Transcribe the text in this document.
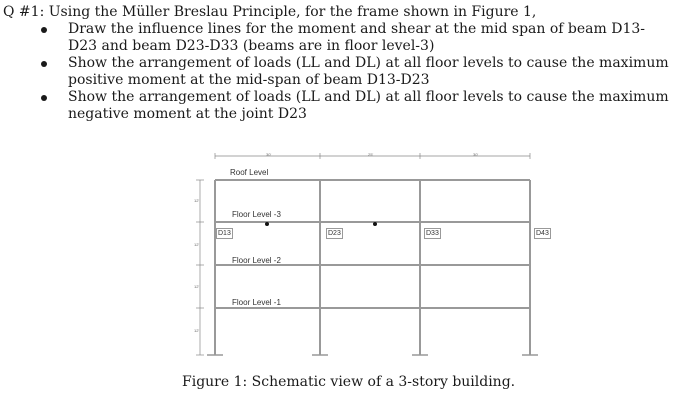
Q #1: Using the Müller Breslau Principle, for the frame shown in Figure 1,

Draw the influence lines for the moment and shear at the mid span of beam D13-
D23 and beam D23-D33 (beams are in floor level-3)
Show the arrangement of loads (LL and DL) at all floor levels to cause the maximum
positive moment at the mid-span of beam D13-D23
Show the arrangement of loads (LL and DL) at all floor levels to cause the maximum
negative moment at the joint D23
Roof Level
Floor Level -3
Floor Level -2
Floor Level -1
D13	D23	D33	D43
30'	25'	30'
12'
12'
12'
12'
Figure 1: Schematic view of a 3-story building.
